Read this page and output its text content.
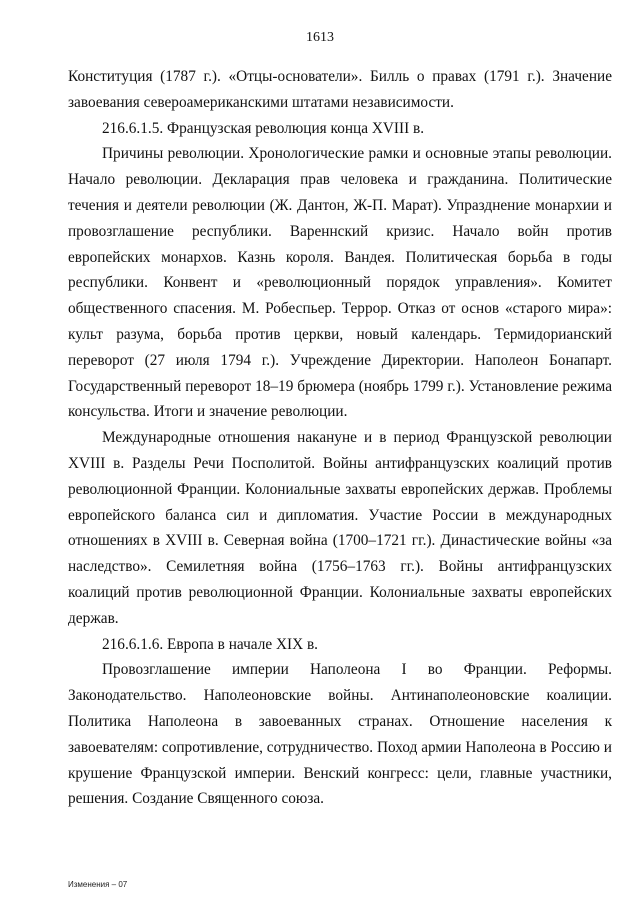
1613

Конституция (1787 г.). «Отцы-основатели». Билль о правах (1791 г.). Значение завоевания североамериканскими штатами независимости.

216.6.1.5. Французская революция конца XVIII в.

Причины революции. Хронологические рамки и основные этапы революции. Начало революции. Декларация прав человека и гражданина. Политические течения и деятели революции (Ж. Дантон, Ж-П. Марат). Упразднение монархии и провозглашение республики. Вареннский кризис. Начало войн против европейских монархов. Казнь короля. Вандея. Политическая борьба в годы республики. Конвент и «революционный порядок управления». Комитет общественного спасения. М. Робеспьер. Террор. Отказ от основ «старого мира»: культ разума, борьба против церкви, новый календарь. Термидорианский переворот (27 июля 1794 г.). Учреждение Директории. Наполеон Бонапарт. Государственный переворот 18–19 брюмера (ноябрь 1799 г.). Установление режима консульства. Итоги и значение революции.

Международные отношения накануне и в период Французской революции XVIII в. Разделы Речи Посполитой. Войны антифранцузских коалиций против революционной Франции. Колониальные захваты европейских держав. Проблемы европейского баланса сил и дипломатия. Участие России в международных отношениях в XVIII в. Северная война (1700–1721 гг.). Династические войны «за наследство». Семилетняя война (1756–1763 гг.). Войны антифранцузских коалиций против революционной Франции. Колониальные захваты европейских держав.

216.6.1.6. Европа в начале XIX в.

Провозглашение империи Наполеона I во Франции. Реформы. Законодательство. Наполеоновские войны. Антинаполеоновские коалиции. Политика Наполеона в завоеванных странах. Отношение населения к завоевателям: сопротивление, сотрудничество. Поход армии Наполеона в Россию и крушение Французской империи. Венский конгресс: цели, главные участники, решения. Создание Священного союза.

Изменения – 07
